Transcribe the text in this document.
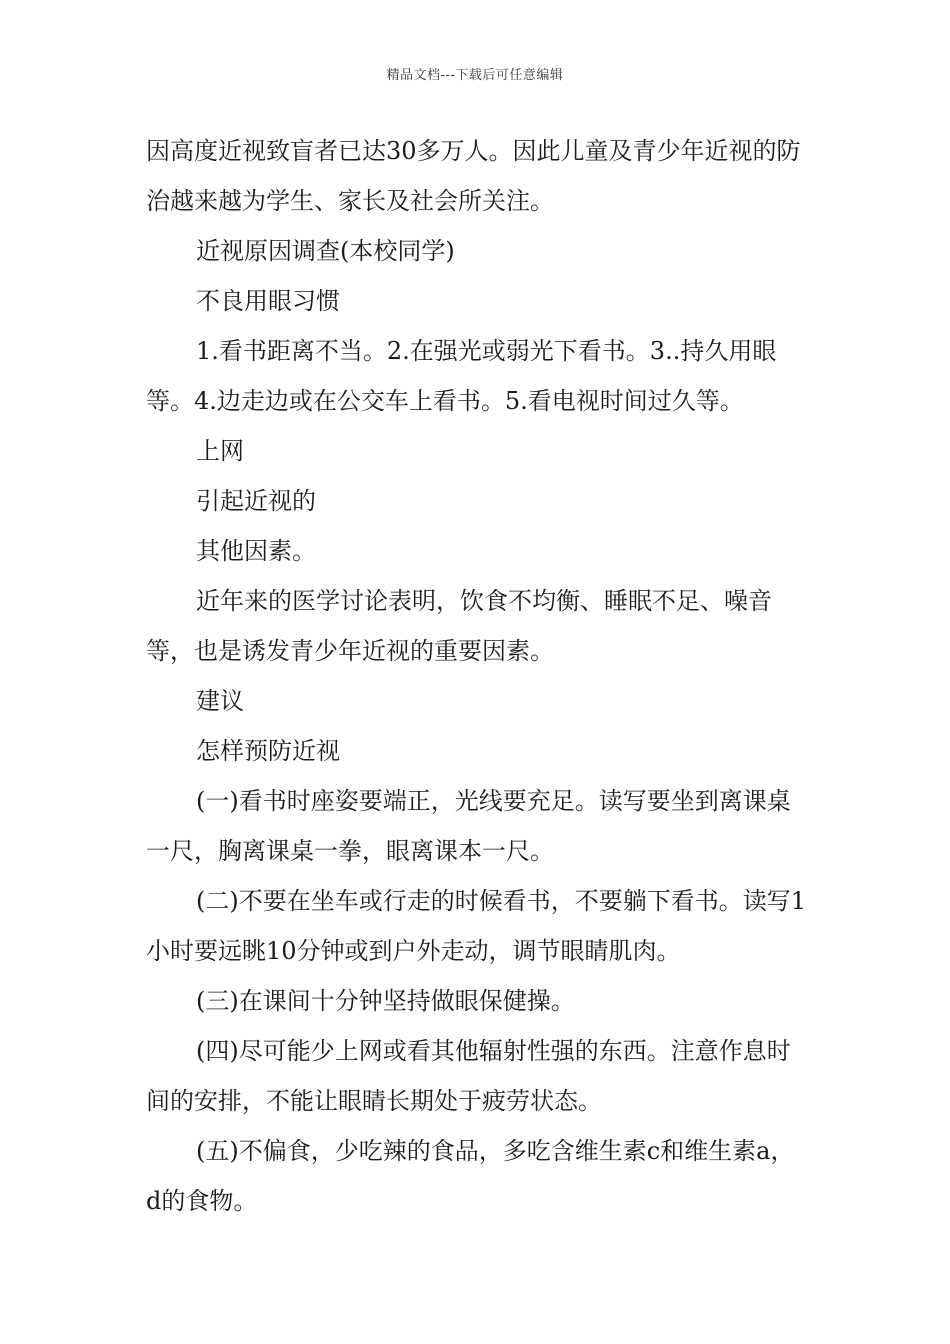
精品文档---下载后可任意编辑

因高度近视致盲者已达30多万人。因此儿童及青少年近视的防治越来越为学生、家长及社会所关注。

近视原因调查(本校同学)

不良用眼习惯

1.看书距离不当。2.在强光或弱光下看书。3..持久用眼等。4.边走边或在公交车上看书。5.看电视时间过久等。

上网

引起近视的

其他因素。

近年来的医学讨论表明，饮食不均衡、睡眠不足、噪音等，也是诱发青少年近视的重要因素。

建议

怎样预防近视

(一)看书时座姿要端正，光线要充足。读写要坐到离课桌一尺，胸离课桌一拳，眼离课本一尺。

(二)不要在坐车或行走的时候看书，不要躺下看书。读写1小时要远眺10分钟或到户外走动，调节眼睛肌肉。

(三)在课间十分钟坚持做眼保健操。

(四)尽可能少上网或看其他辐射性强的东西。注意作息时间的安排，不能让眼睛长期处于疲劳状态。

(五)不偏食，少吃辣的食品，多吃含维生素c和维生素a，d的食物。
